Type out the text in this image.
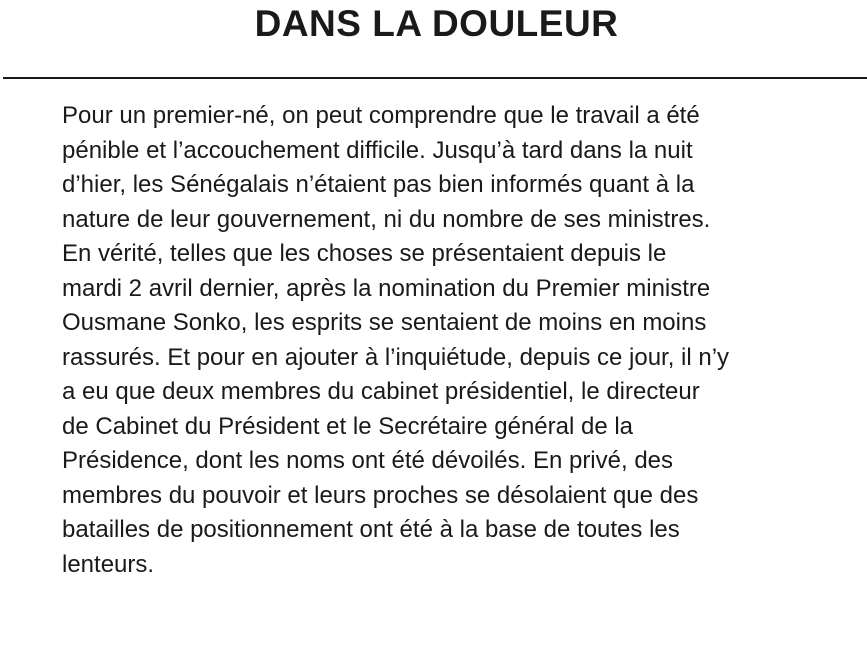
DANS LA DOULEUR

Pour un premier-né, on peut comprendre que le travail a été
pénible et l’accouchement difficile. Jusqu’à tard dans la nuit
d’hier, les Sénégalais n’étaient pas bien informés quant à la
nature de leur gouvernement, ni du nombre de ses ministres.
En vérité, telles que les choses se présentaient depuis le
mardi 2 avril dernier, après la nomination du Premier ministre
Ousmane Sonko, les esprits se sentaient de moins en moins
rassurés. Et pour en ajouter à l’inquiétude, depuis ce jour, il n’y
a eu que deux membres du cabinet présidentiel, le directeur
de Cabinet du Président et le Secrétaire général de la
Présidence, dont les noms ont été dévoilés. En privé, des
membres du pouvoir et leurs proches se désolaient que des
batailles de positionnement ont été à la base de toutes les
lenteurs.
